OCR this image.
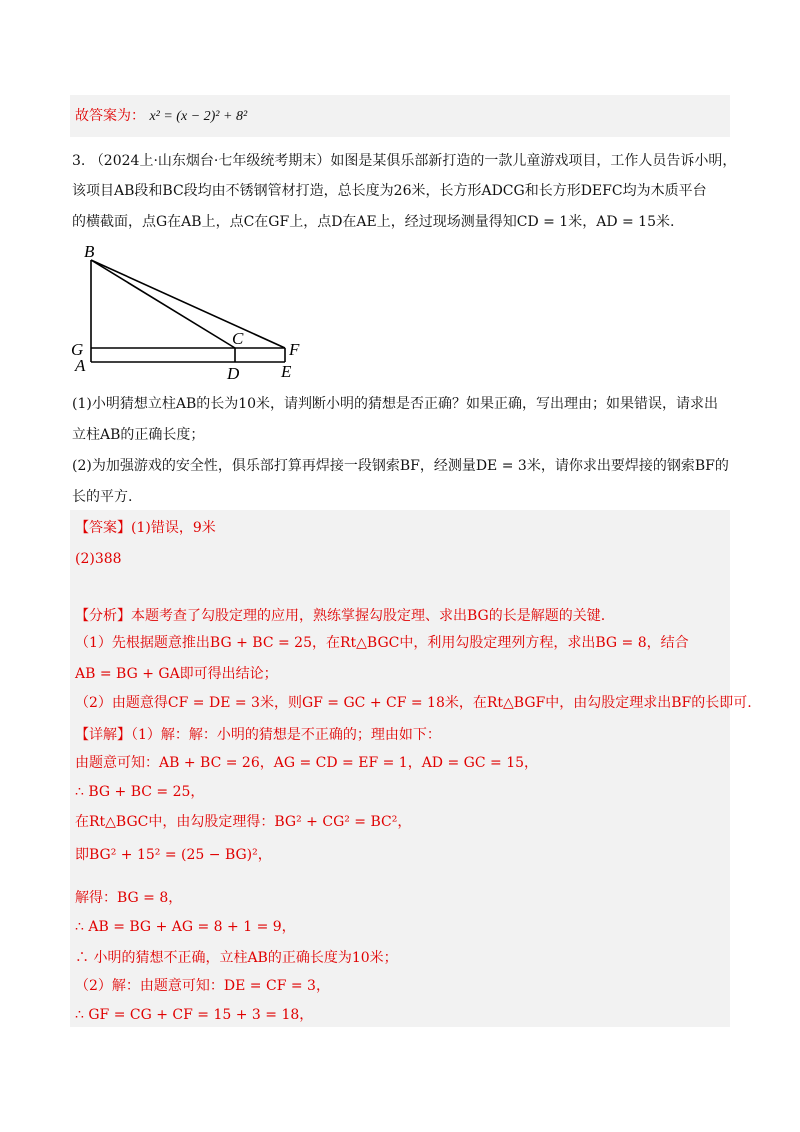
故答案为： x² = (x − 2)² + 8²
3. （2024上·山东烟台·七年级统考期末）如图是某俱乐部新打造的一款儿童游戏项目，工作人员告诉小明，
该项目AB段和BC段均由不锈钢管材打造，总长度为26米，长方形ADCG和长方形DEFC均为木质平台
的横截面，点G在AB上，点C在GF上，点D在AE上，经过现场测量得知CD = 1米，AD = 15米.
B
C
G	F
A	D E
(1)小明猜想立柱AB的长为10米，请判断小明的猜想是否正确？如果正确，写出理由；如果错误，请求出
立柱AB的正确长度；
(2)为加强游戏的安全性，俱乐部打算再焊接一段钢索BF，经测量DE = 3米，请你求出要焊接的钢索BF的
长的平方.
【答案】(1)错误，9米
(2)388
【分析】本题考查了勾股定理的应用，熟练掌握勾股定理、求出BG的长是解题的关键.
（1）先根据题意推出BG + BC = 25，在Rt△BGC中，利用勾股定理列方程，求出BG = 8，结合
AB = BG + GA即可得出结论；
（2）由题意得CF = DE = 3米，则GF = GC + CF = 18米，在Rt△BGF中，由勾股定理求出BF的长即可.
【详解】（1）解：解：小明的猜想是不正确的；理由如下：
由题意可知：AB + BC = 26，AG = CD = EF = 1，AD = GC = 15，
∴ BG + BC = 25，
在Rt△BGC中，由勾股定理得：BG² + CG² = BC²，
即BG² + 15² = (25 − BG)²，
解得：BG = 8，
∴ AB = BG + AG = 8 + 1 = 9，
∴ 小明的猜想不正确，立柱AB的正确长度为10米；
（2）解：由题意可知：DE = CF = 3，
∴ GF = CG + CF = 15 + 3 = 18，
